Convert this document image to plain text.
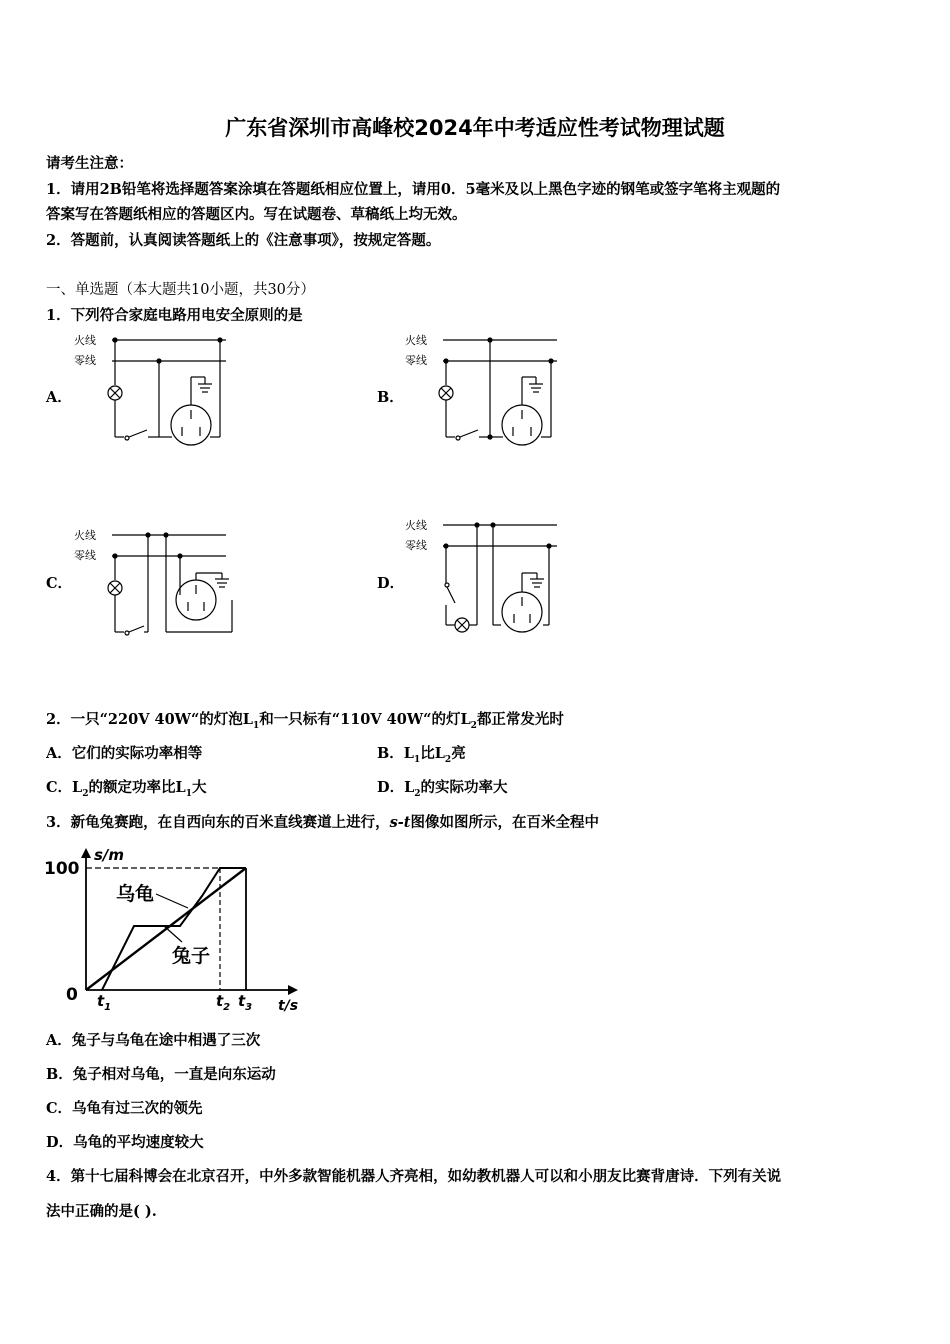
广东省深圳市高峰校2024年中考适应性考试物理试题
请考生注意：
1．请用2B铅笔将选择题答案涂填在答题纸相应位置上，请用0．5毫米及以上黑色字迹的钢笔或签字笔将主观题的
答案写在答题纸相应的答题区内。写在试题卷、草稿纸上均无效。
2．答题前，认真阅读答题纸上的《注意事项》，按规定答题。
一、单选题（本大题共10小题，共30分）
1．下列符合家庭电路用电安全原则的是
A．	B．
C．	D．
火线
零线
火线
零线
火线
零线
火线
零线
2．一只“220V 40W“的灯泡$L_1$和一只标有“110V 40W“的灯$L_2$都正常发光时
A．它们的实际功率相等	B．$L_1$比$L_2$亮
C．$L_2$的额定功率比$L_1$大	D．$L_2$的实际功率大
3．新龟兔赛跑，在自西向东的百米直线赛道上进行，s-t图像如图所示，在百米全程中
s/m
t/s
100
0
乌龟
兔子
$t_1$	$t_2$ $t_3$
A．兔子与乌龟在途中相遇了三次
B．兔子相对乌龟，一直是向东运动
C．乌龟有过三次的领先
D．乌龟的平均速度较大
4．第十七届科博会在北京召开，中外多款智能机器人齐亮相，如幼教机器人可以和小朋友比赛背唐诗．下列有关说
法中正确的是( ).
